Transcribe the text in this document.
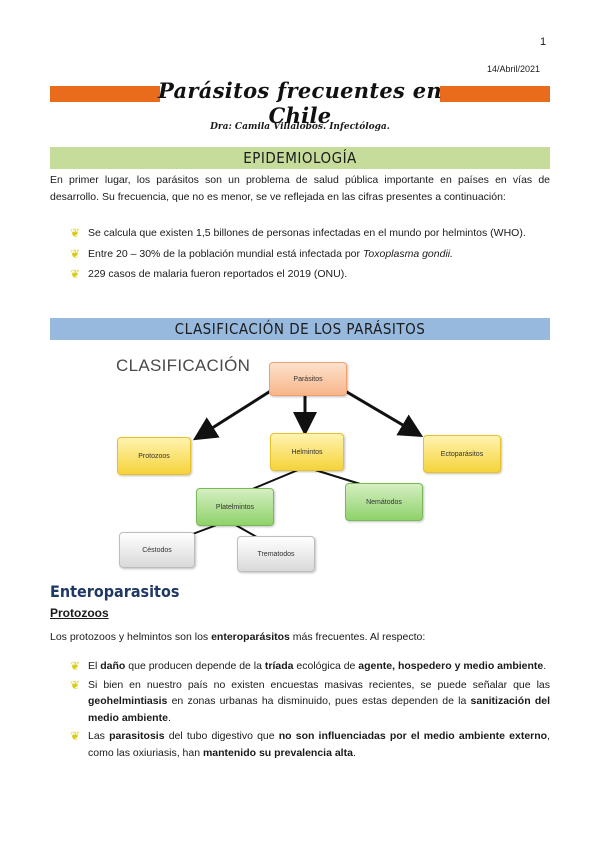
1
14/Abril/2021
Parásitos frecuentes en Chile
Dra: Camila Villalobos. Infectóloga.
EPIDEMIOLOGÍA
En primer lugar, los parásitos son un problema de salud pública importante en países en vías de desarrollo. Su frecuencia, que no es menor, se ve reflejada en las cifras presentes a continuación:
❦ Se calcula que existen 1,5 billones de personas infectadas en el mundo por helmintos (WHO).
❦ Entre 20 – 30% de la población mundial está infectada por Toxoplasma gondii.
❦ 229 casos de malaria fueron reportados el 2019 (ONU).
CLASIFICACIÓN DE LOS PARÁSITOS
CLASIFICACIÓN
Parásitos
Protozoos
Helmintos	Ectoparásitos
Platelmintos
Nemátodos
Céstodos
Trematodos
Enteroparasitos
Protozoos
Los protozoos y helmintos son los enteroparásitos más frecuentes. Al respecto:
❦ El daño que producen depende de la tríada ecológica de agente, hospedero y medio ambiente.
❦ Si bien en nuestro país no existen encuestas masivas recientes, se puede señalar que las geohelmintiasis en zonas urbanas ha disminuido, pues estas dependen de la sanitización del medio ambiente.
❦ Las parasitosis del tubo digestivo que no son influenciadas por el medio ambiente externo, como las oxiuriasis, han mantenido su prevalencia alta.
